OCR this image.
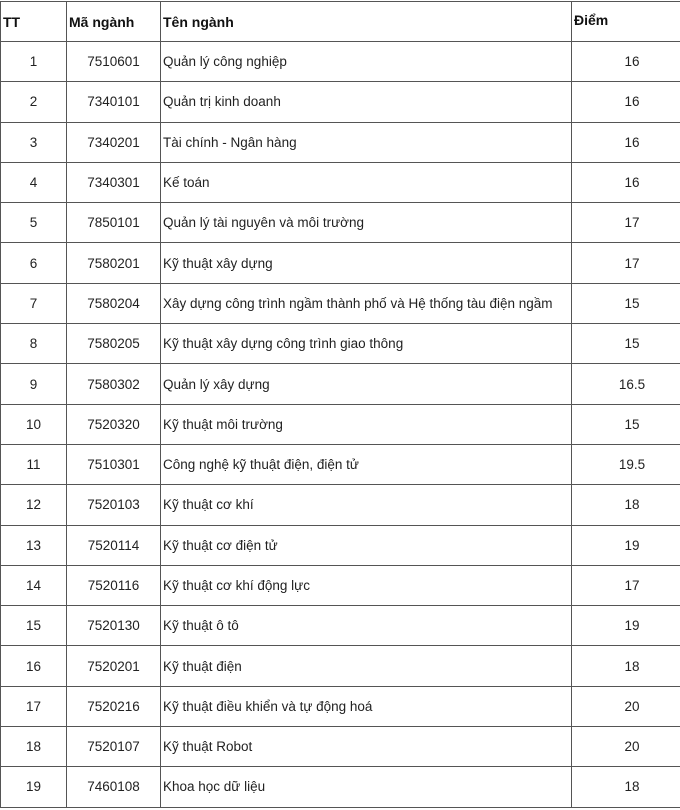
TT	Mã ngành	Tên ngành	Điểm
1	7510601	Quản lý công nghiệp	16
2	7340101	Quản trị kinh doanh	16
3	7340201	Tài chính - Ngân hàng	16
4	7340301	Kế toán	16
5	7850101	Quản lý tài nguyên và môi trường	17
6	7580201	Kỹ thuật xây dựng	17
7	7580204	Xây dựng công trình ngầm thành phố và Hệ thống tàu điện ngầm	15
8	7580205	Kỹ thuật xây dựng công trình giao thông	15
9	7580302	Quản lý xây dựng	16.5
10	7520320	Kỹ thuật môi trường	15
11	7510301	Công nghệ kỹ thuật điện, điện tử	19.5
12	7520103	Kỹ thuật cơ khí	18
13	7520114	Kỹ thuật cơ điện tử	19
14	7520116	Kỹ thuật cơ khí động lực	17
15	7520130	Kỹ thuật ô tô	19
16	7520201	Kỹ thuật điện	18
17	7520216	Kỹ thuật điều khiển và tự động hoá	20
18	7520107	Kỹ thuật Robot	20
19	7460108	Khoa học dữ liệu	18
